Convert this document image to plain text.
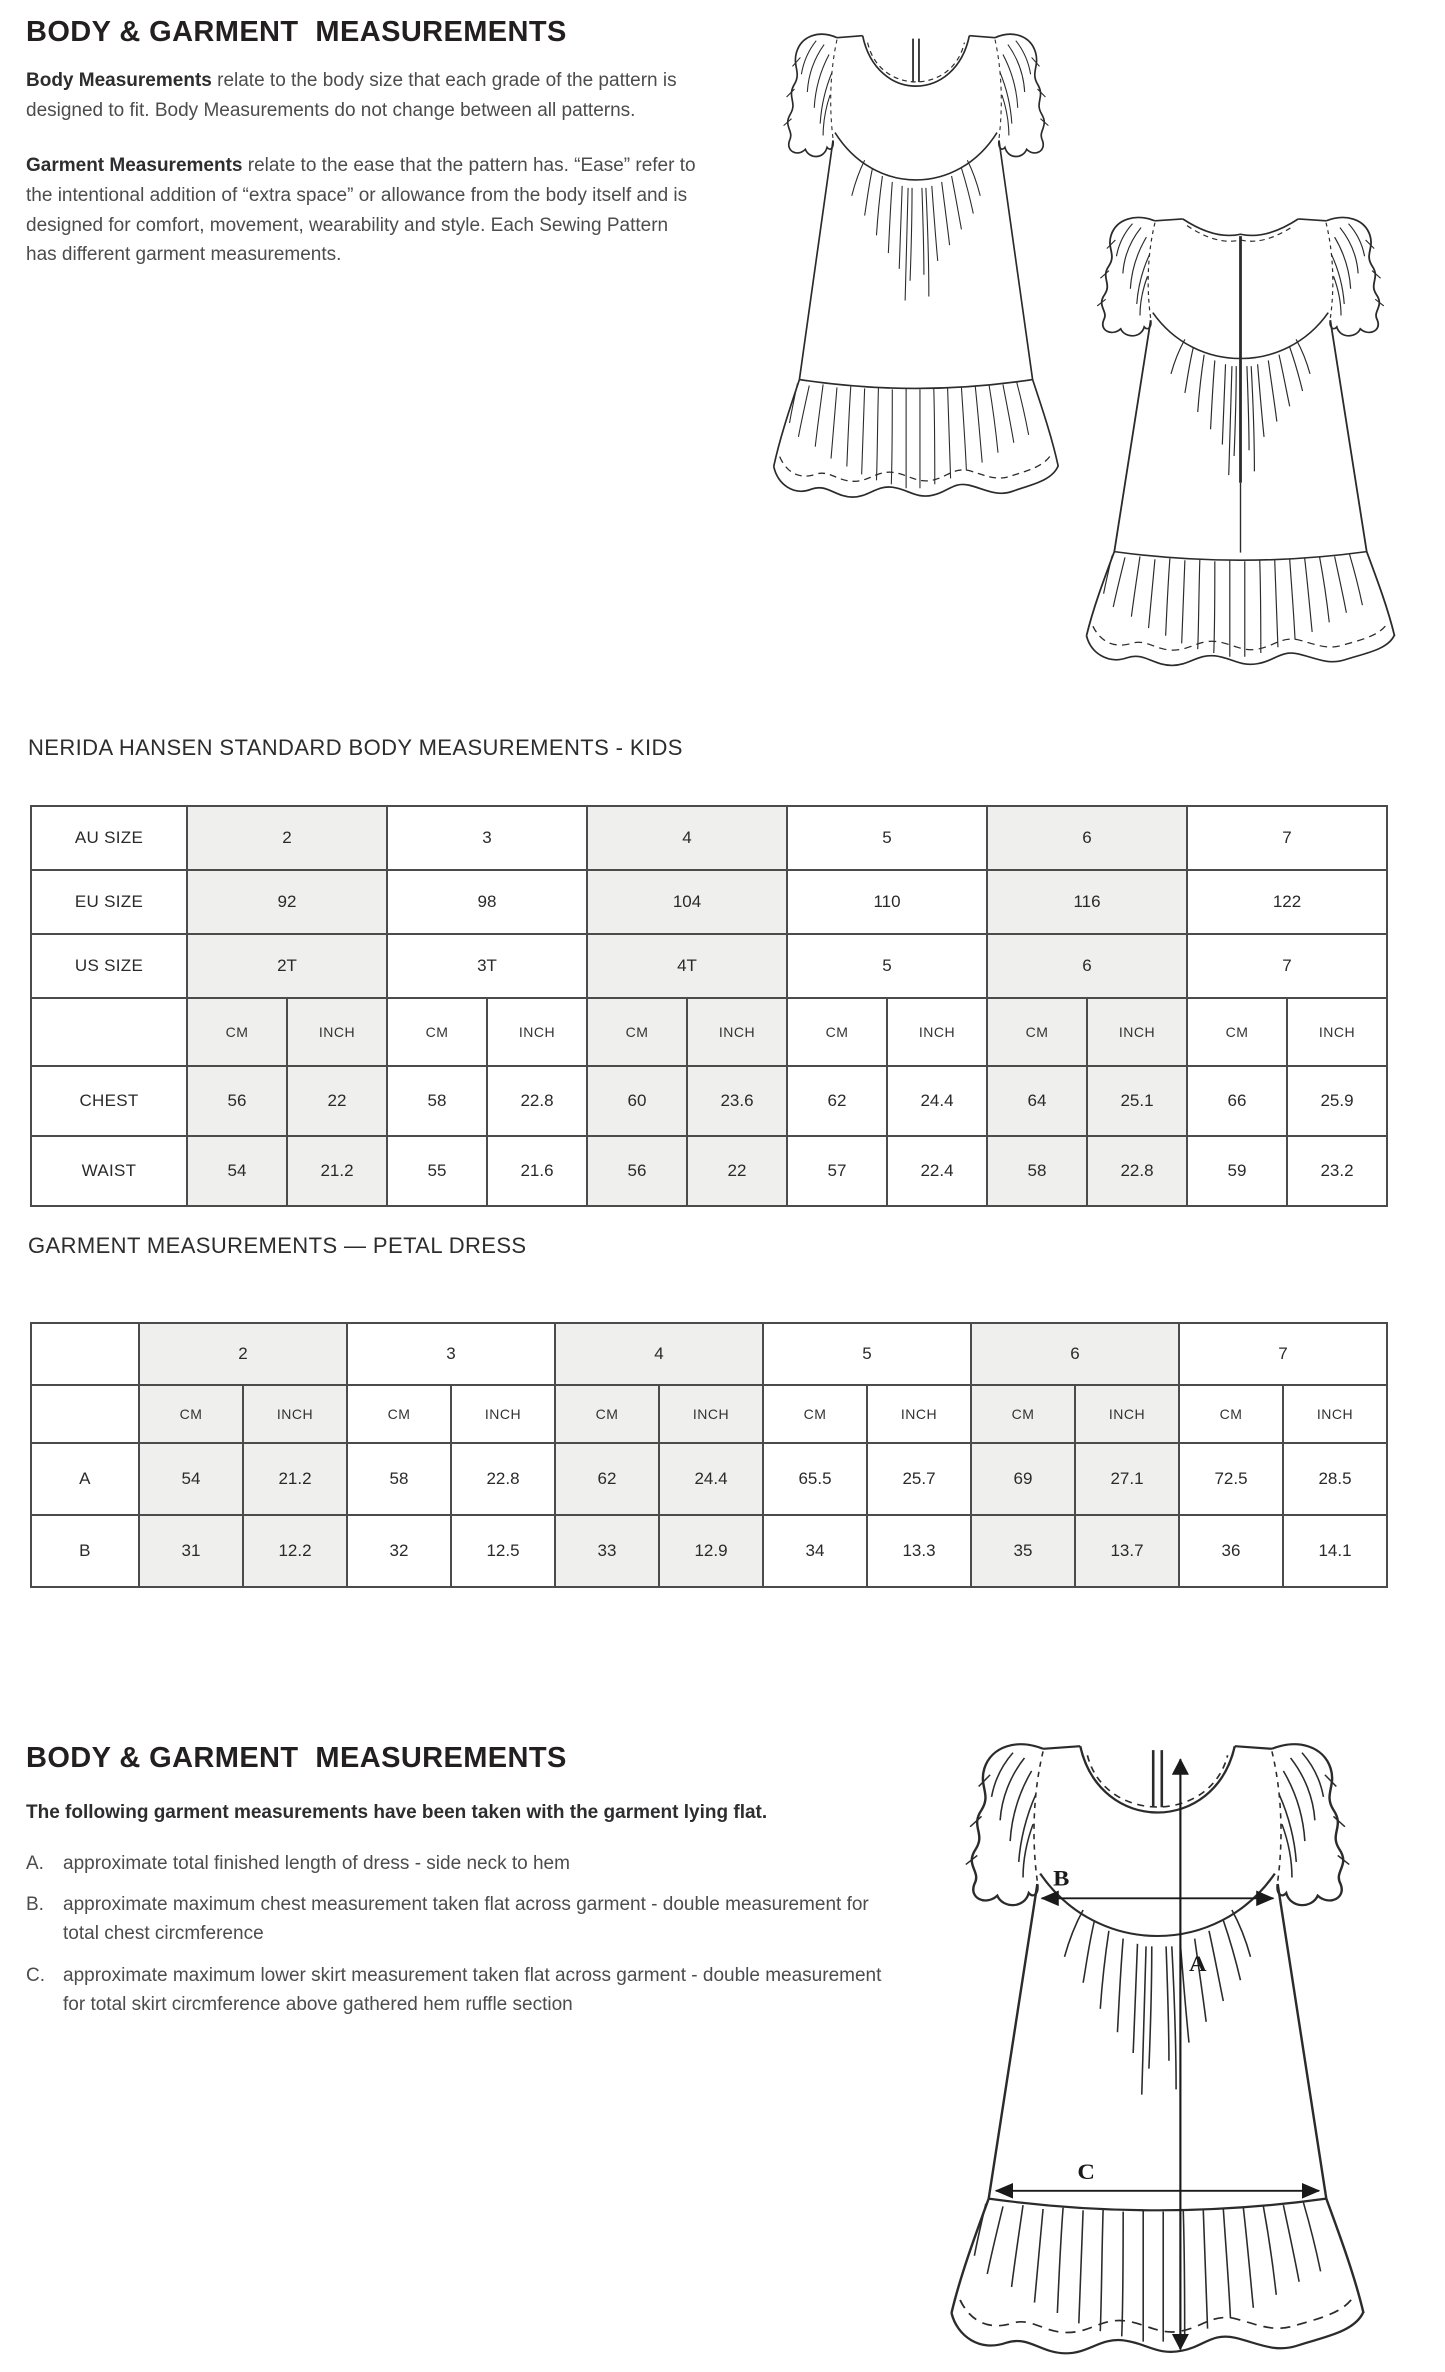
BODY & GARMENT  MEASUREMENTS

Body Measurements relate to the body size that each grade of the pattern is designed to fit. Body Measurements do not change between all patterns.

Garment Measurements relate to the ease that the pattern has. “Ease” refer to the intentional addition of “extra space” or allowance from the body itself and is designed for comfort, movement, wearability and style. Each Sewing Pattern has different garment measurements.

NERIDA HANSEN STANDARD BODY MEASUREMENTS - KIDS
AU SIZE	2		3		4		5		6		7	
EU SIZE	92		98		104		110		116		122	
US SIZE	2T		3T		4T		5		6		7	
	CM	INCH	CM	INCH	CM	INCH	CM	INCH	CM	INCH	CM	INCH
CHEST	56	22	58	22.8	60	23.6	62	24.4	64	25.1	66	25.9
WAIST	54	21.2	55	21.6	56	22	57	22.4	58	22.8	59	23.2
GARMENT MEASUREMENTS — PETAL DRESS
	2		3		4		5		6		7	
	CM	INCH	CM	INCH	CM	INCH	CM	INCH	CM	INCH	CM	INCH
A	54	21.2	58	22.8	62	24.4	65.5	25.7	69	27.1	72.5	28.5
B	31	12.2	32	12.5	33	12.9	34	13.3	35	13.7	36	14.1
BODY & GARMENT  MEASUREMENTS

The following garment measurements have been taken with the garment lying flat.

A.	approximate total finished length of dress - side neck to hem
B.	approximate maximum chest measurement taken flat across garment - double measurement for total chest circmference
C. approximate maximum lower skirt measurement taken flat across garment - double measurement for total skirt circmference above gathered hem ruffle section
A
B
C
